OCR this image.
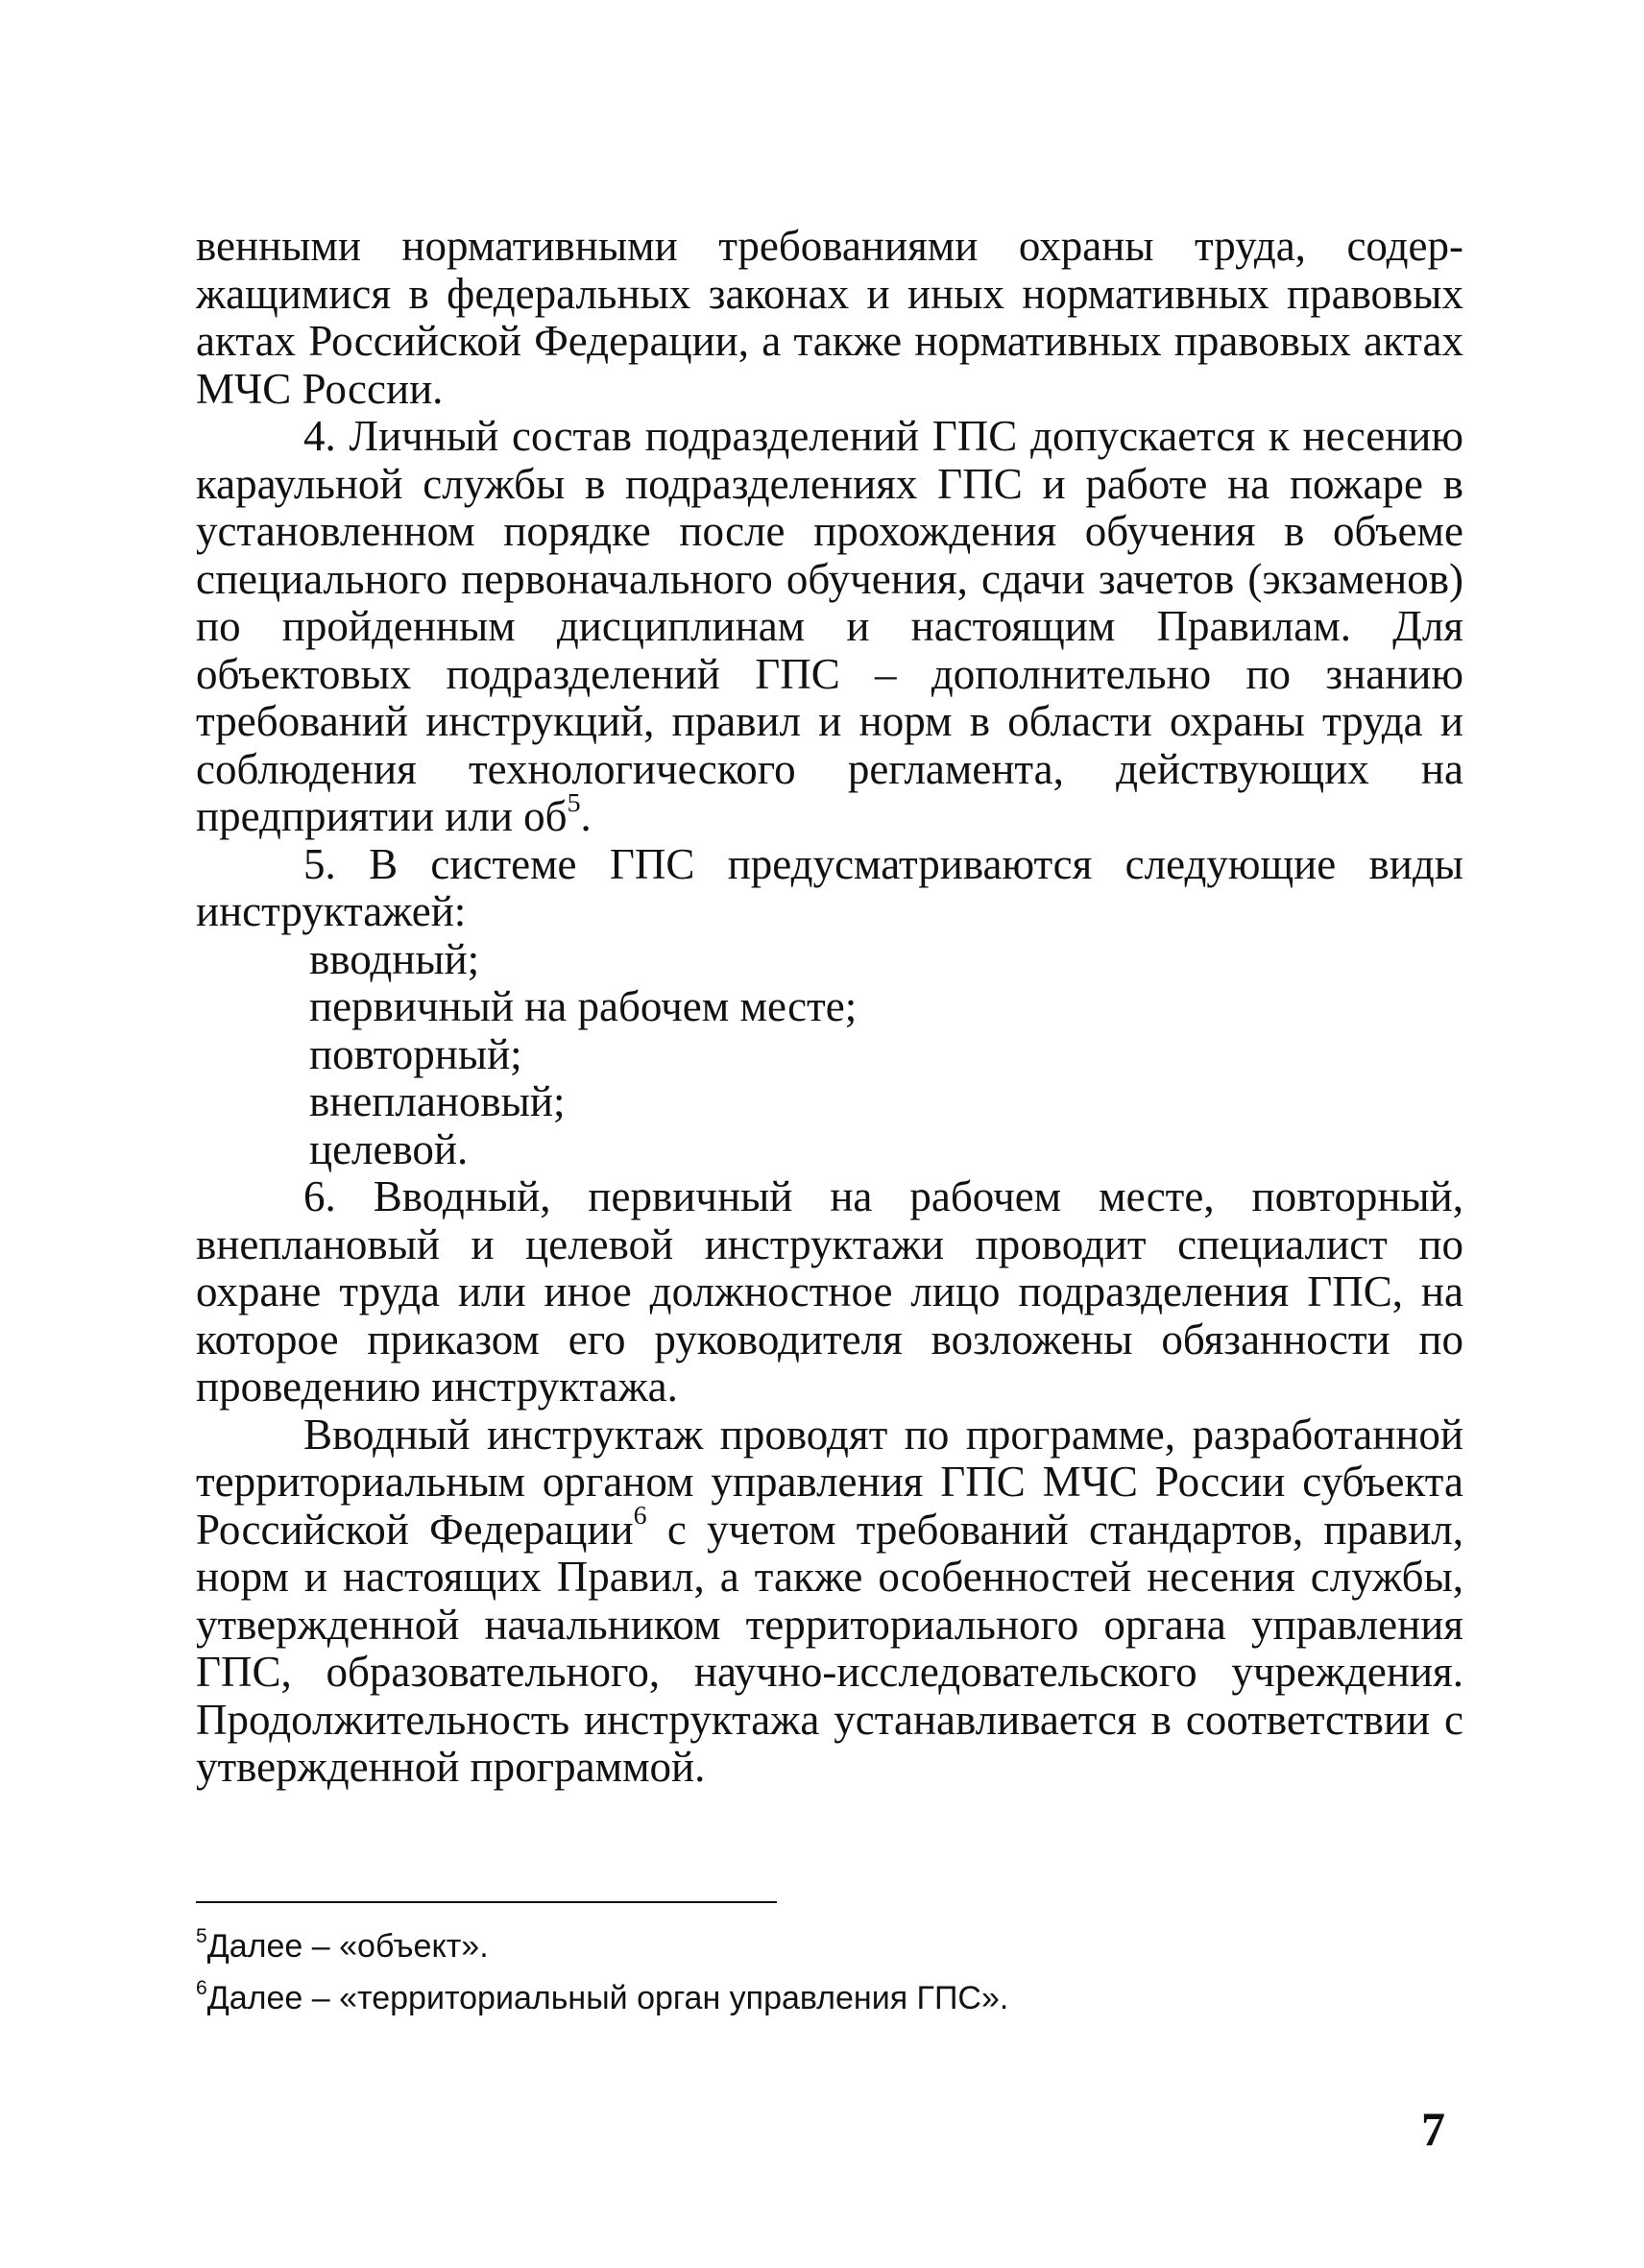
венными нормативными требованиями охраны труда, содержащимися в федеральных законах и иных нормативных правовых актах Российской Федерации, а также нормативных правовых актах МЧС России.

4. Личный состав подразделений ГПС допускается к несению караульной службы в подразделениях ГПС и работе на пожаре в установленном порядке после прохождения обучения в объеме специального первоначального обучения, сдачи зачетов (экзаменов) по пройденным дисциплинам и настоящим Правилам. Для объектовых подразделений ГПС – дополнительно по знанию требований инструкций, правил и норм в области охраны труда и соблюдения технологического регламента, действующих на предприятии или $об^5$.

5. В системе ГПС предусматриваются следующие виды инструктажей:

вводный;

первичный на рабочем месте;

повторный;

внеплановый;

целевой.

6. Вводный, первичный на рабочем месте, повторный, внеплановый и целевой инструктажи проводит специалист по охране труда или иное должностное лицо подразделения ГПС, на которое приказом его руководителя возложены обязанности по проведению инструктажа.

Вводный инструктаж проводят по программе, разработанной территориальным органом управления ГПС МЧС России субъекта Российской Федерации$^6$ с учетом требований стандартов, правил, норм и настоящих Правил, а также особенностей несения службы, утвержденной начальником территориального органа управления ГПС, образовательного, научно-исследовательского учреждения. Продолжительность инструктажа устанавливается в соответствии с утвержденной программой.

$^5$Далее – «объект».

$^6$Далее – «территориальный орган управления ГПС».

7
